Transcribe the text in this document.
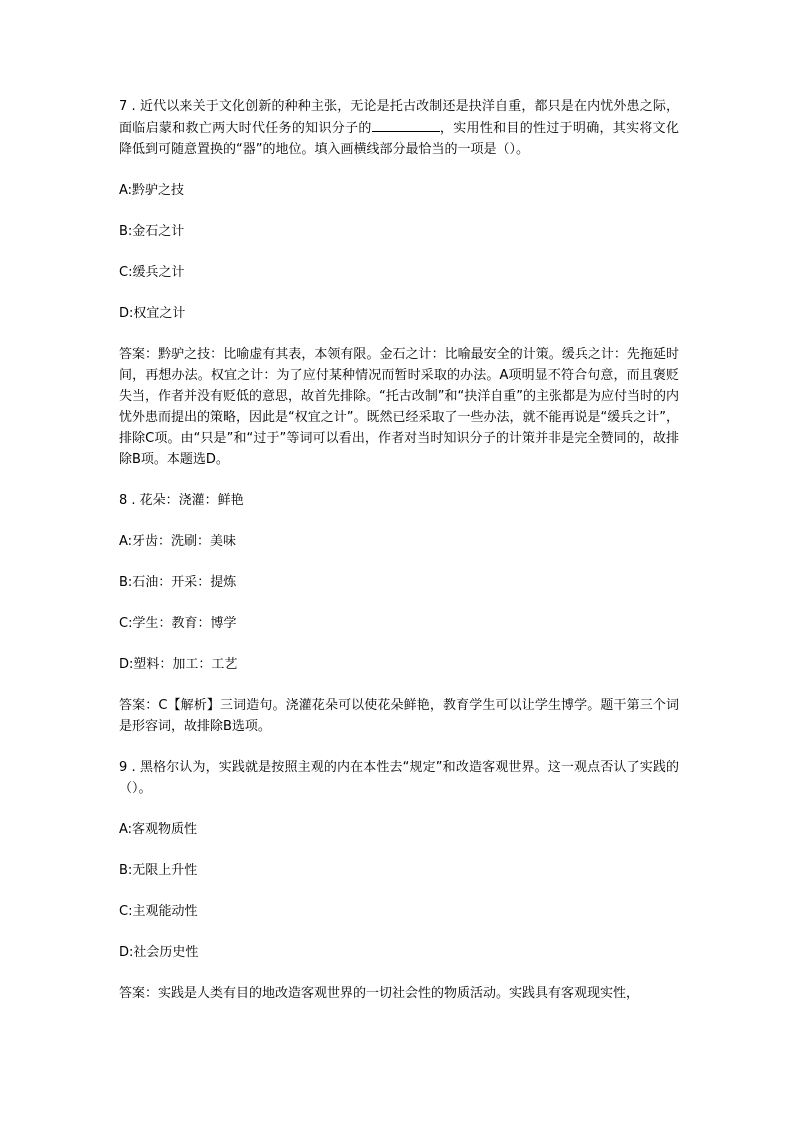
7 . 近代以来关于文化创新的种种主张，无论是托古改制还是抉洋自重，都只是在内忧外患之际，面临启蒙和救亡两大时代任务的知识分子的	，实用性和目的性过于明确，其实将文化降低到可随意置换的“器”的地位。填入画横线部分最恰当的一项是（）。

A:黔驴之技

B:金石之计

C:缓兵之计

D:权宜之计

答案：黔驴之技：比喻虚有其表，本领有限。金石之计：比喻最安全的计策。缓兵之计：先拖延时间，再想办法。权宜之计：为了应付某种情况而暂时采取的办法。A项明显不符合句意，而且褒贬失当，作者并没有贬低的意思，故首先排除。“托古改制”和“抉洋自重”的主张都是为应付当时的内忧外患而提出的策略，因此是“权宜之计”。既然已经采取了一些办法，就不能再说是“缓兵之计”，排除C项。由“只是”和“过于”等词可以看出，作者对当时知识分子的计策并非是完全赞同的，故排除B项。本题选D。

8 . 花朵：浇灌：鲜艳

A:牙齿：洗刷：美味

B:石油：开采：提炼

C:学生：教育：博学

D:塑料：加工：工艺

答案：C【解析】三词造句。浇灌花朵可以使花朵鲜艳，教育学生可以让学生博学。题干第三个词是形容词，故排除B选项。

9 . 黑格尔认为，实践就是按照主观的内在本性去“规定”和改造客观世界。这一观点否认了实践的（）。

A:客观物质性

B:无限上升性

C:主观能动性

D:社会历史性

答案：实践是人类有目的地改造客观世界的一切社会性的物质活动。实践具有客观现实性，
